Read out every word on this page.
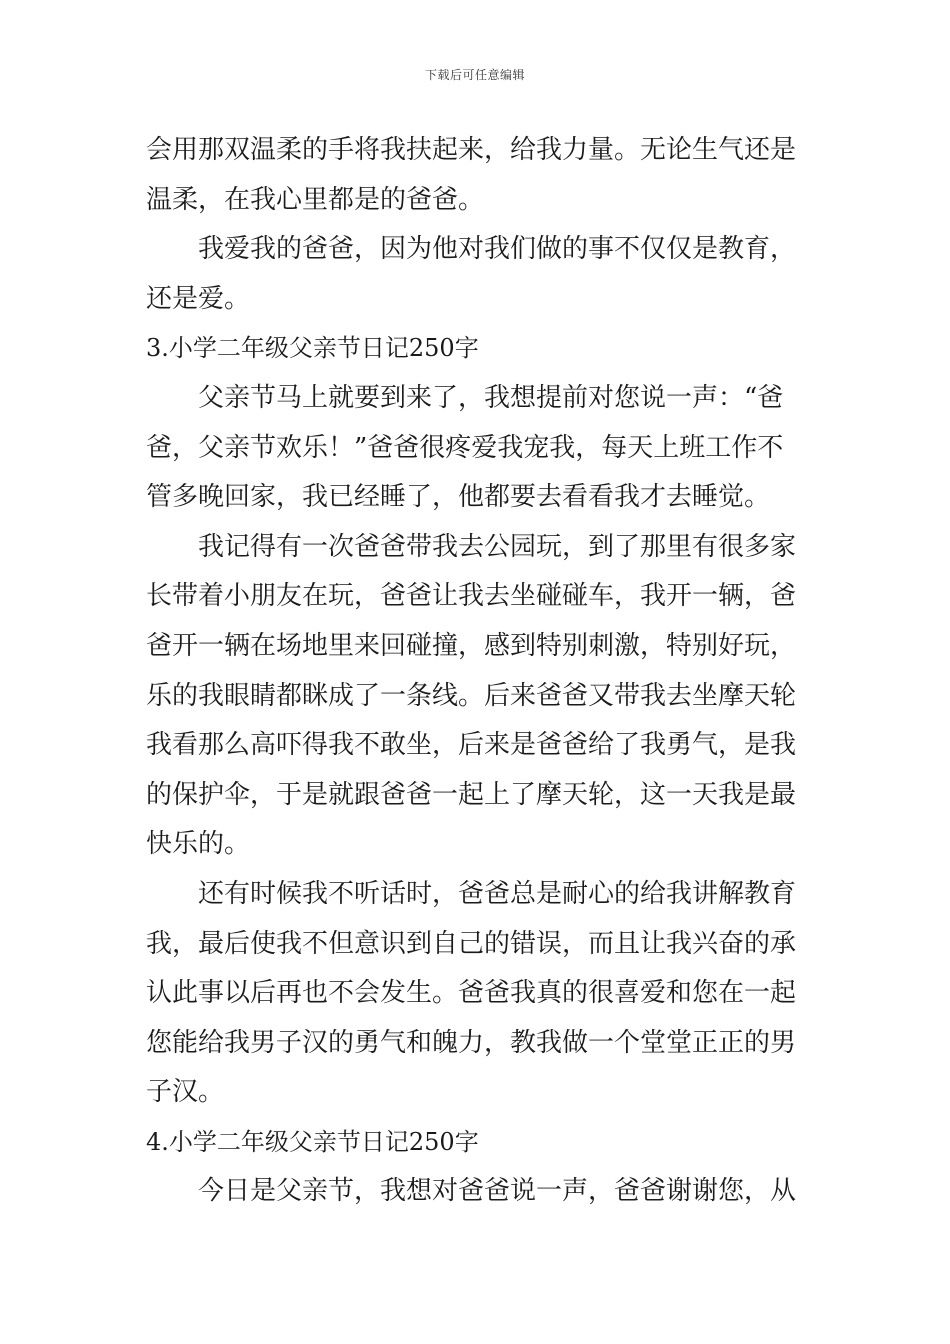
下载后可任意编辑
会用那双温柔的手将我扶起来，给我力量。无论生气还是
温柔，在我心里都是的爸爸。
我爱我的爸爸，因为他对我们做的事不仅仅是教育，
还是爱。
3.小学二年级父亲节日记250字
父亲节马上就要到来了，我想提前对您说一声：“爸
爸，父亲节欢乐！”爸爸很疼爱我宠我，每天上班工作不
管多晚回家，我已经睡了，他都要去看看我才去睡觉。
我记得有一次爸爸带我去公园玩，到了那里有很多家
长带着小朋友在玩，爸爸让我去坐碰碰车，我开一辆，爸
爸开一辆在场地里来回碰撞，感到特别刺激，特别好玩，
乐的我眼睛都眯成了一条线。后来爸爸又带我去坐摩天轮
我看那么高吓得我不敢坐，后来是爸爸给了我勇气，是我
的保护伞，于是就跟爸爸一起上了摩天轮，这一天我是最
快乐的。
还有时候我不听话时，爸爸总是耐心的给我讲解教育
我，最后使我不但意识到自己的错误，而且让我兴奋的承
认此事以后再也不会发生。爸爸我真的很喜爱和您在一起
您能给我男子汉的勇气和魄力，教我做一个堂堂正正的男
子汉。
4.小学二年级父亲节日记250字
今日是父亲节，我想对爸爸说一声，爸爸谢谢您，从
